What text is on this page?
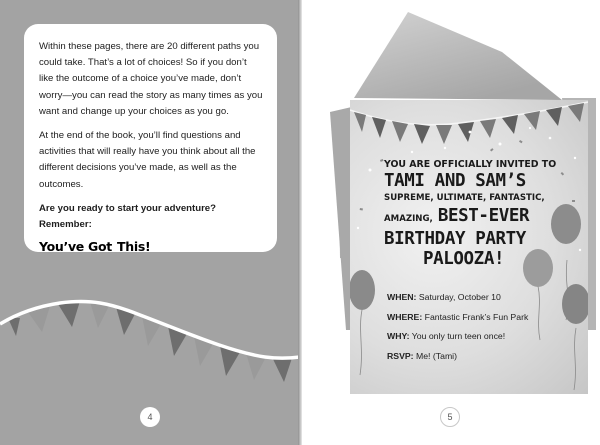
Within these pages, there are 20 different paths you could take. That’s a lot of choices! So if you don’t like the outcome of a choice you’ve made, don’t worry—you can read the story as many times as you want and change up your choices as you go.

At the end of the book, you’ll find questions and activities that will really have you think about all the different decisions you’ve made, as well as the outcomes.

Are you ready to start your adventure? Remember:

You’ve Got This!
4
YOU ARE OFFICIALLY INVITED TO
TAMI AND SAM’S
SUPREME, ULTIMATE, FANTASTIC,
AMAZING, BEST-EVER
BIRTHDAY PARTY
PALOOZA!
WHEN: Saturday, October 10
WHERE: Fantastic Frank’s Fun Park
WHY: You only turn teen once!
RSVP: Me! (Tami)
5
